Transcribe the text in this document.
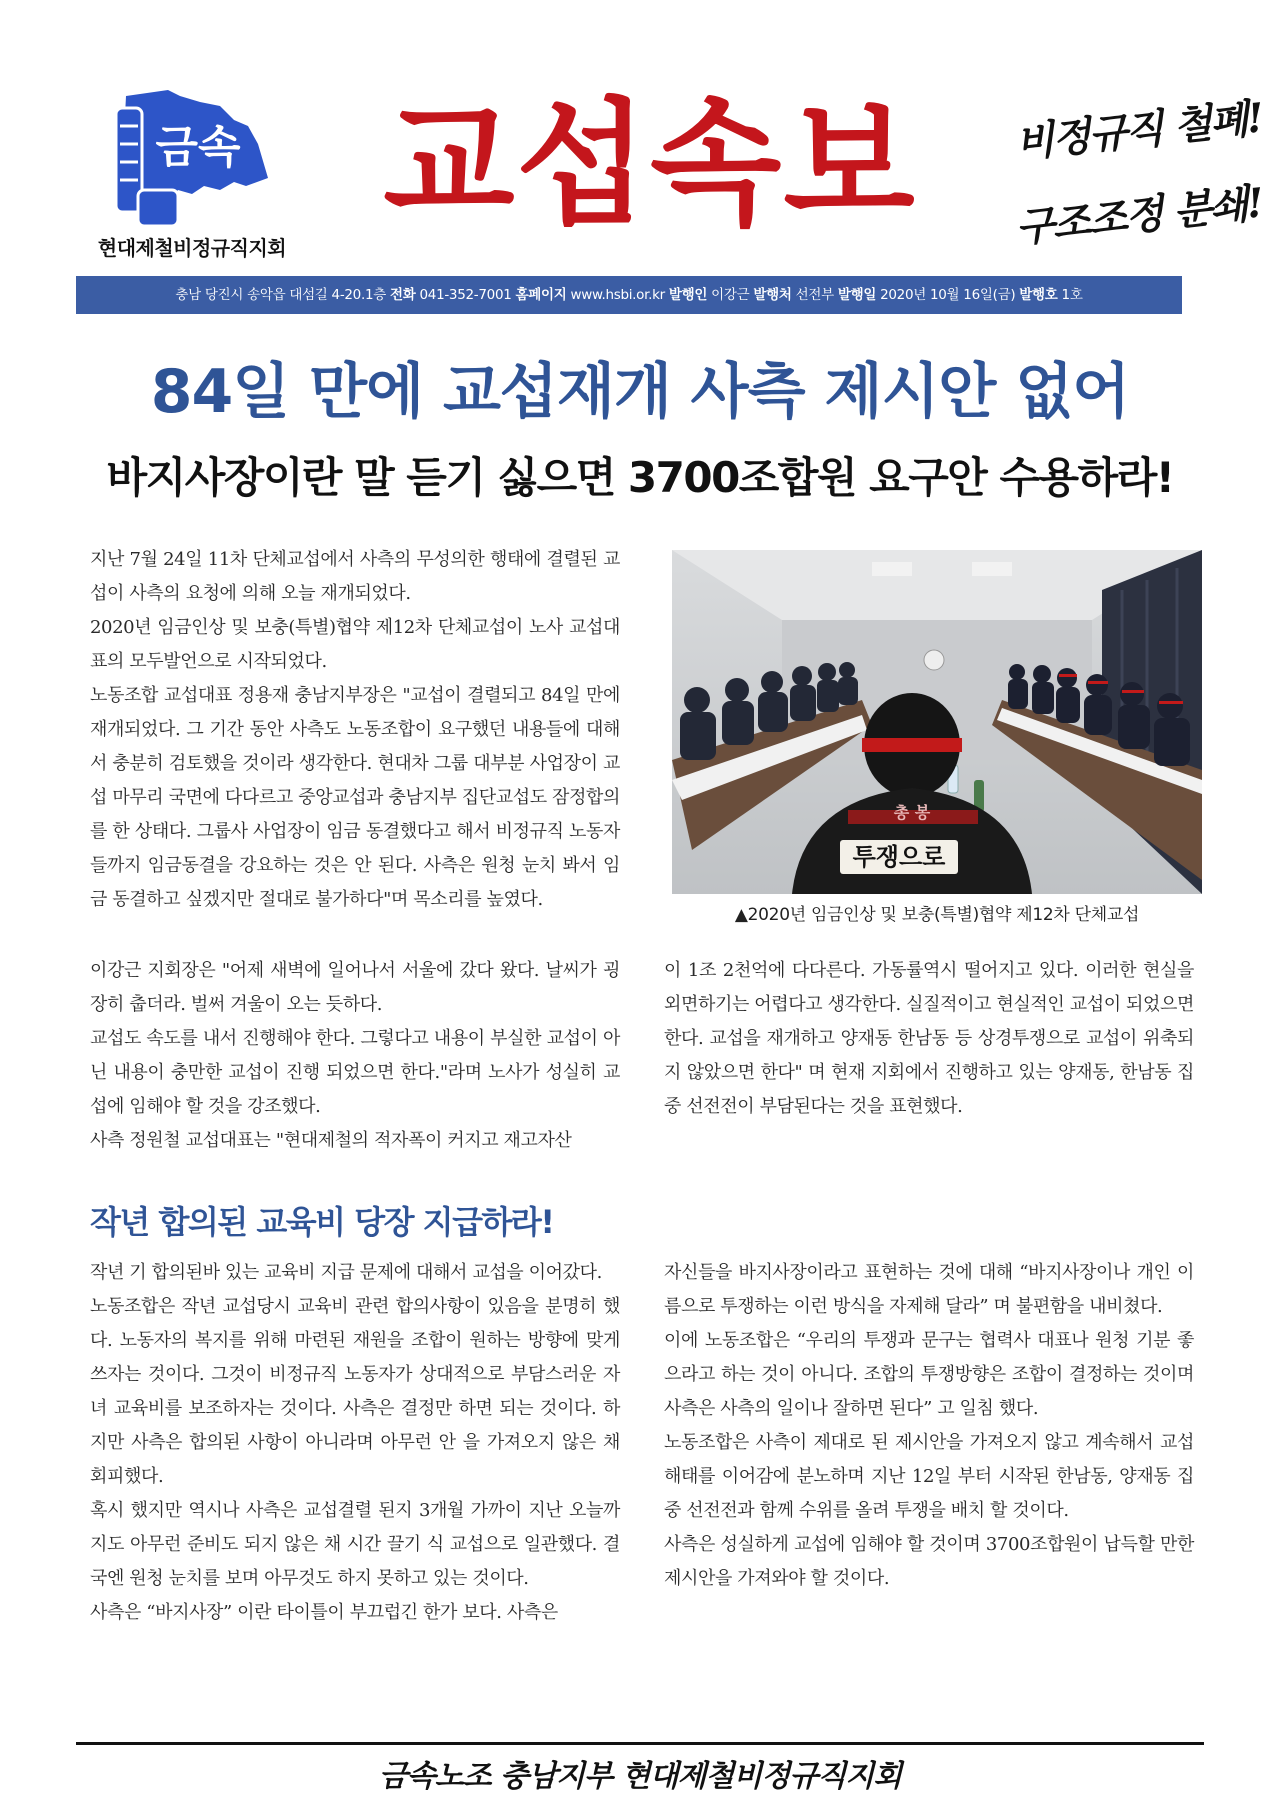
금속
현대제철비정규직지회
교섭속보	비정규직 철폐!
구조조정 분쇄!
충남 당진시 송악읍 대섬길 4-20.1층 전화 041-352-7001 홈페이지 www.hsbi.or.kr 발행인 이강근 발행처 선전부 발행일 2020년 10월 16일(금) 발행호 1호
84일 만에 교섭재개 사측 제시안 없어
바지사장이란 말 듣기 싫으면 3700조합원 요구안 수용하라!

지난 7월 24일 11차 단체교섭에서 사측의 무성의한 행태에 결렬된 교섭이 사측의 요청에 의해 오늘 재개되었다.

2020년 임금인상 및 보충(특별)협약 제12차 단체교섭이 노사 교섭대표의 모두발언으로 시작되었다.

노동조합 교섭대표 정용재 충남지부장은 "교섭이 결렬되고 84일 만에 재개되었다. 그 기간 동안 사측도 노동조합이 요구했던 내용들에 대해서 충분히 검토했을 것이라 생각한다. 현대차 그룹 대부분 사업장이 교섭 마무리 국면에 다다르고 중앙교섭과 충남지부 집단교섭도 잠정합의를 한 상태다. 그룹사 사업장이 임금 동결했다고 해서 비정규직 노동자들까지 임금동결을 강요하는 것은 안 된다. 사측은 원청 눈치 봐서 임금 동결하고 싶겠지만 절대로 불가하다"며 목소리를 높였다.

총 봉
투쟁으로
▲2020년 임금인상 및 보충(특별)협약 제12차 단체교섭

이강근 지회장은 "어제 새벽에 일어나서 서울에 갔다 왔다. 날씨가 굉장히 춥더라. 벌써 겨울이 오는 듯하다.

교섭도 속도를 내서 진행해야 한다. 그렇다고 내용이 부실한 교섭이 아닌 내용이 충만한 교섭이 진행 되었으면 한다."라며 노사가 성실히 교섭에 임해야 할 것을 강조했다.

사측 정원철 교섭대표는 "현대제철의 적자폭이 커지고 재고자산

이 1조 2천억에 다다른다. 가동률역시 떨어지고 있다. 이러한 현실을 외면하기는 어렵다고 생각한다. 실질적이고 현실적인 교섭이 되었으면 한다. 교섭을 재개하고 양재동 한남동 등 상경투쟁으로 교섭이 위축되지 않았으면 한다" 며 현재 지회에서 진행하고 있는 양재동, 한남동 집중 선전전이 부담된다는 것을 표현했다.

작년 합의된 교육비 당장 지급하라!

작년 기 합의된바 있는 교육비 지급 문제에 대해서 교섭을 이어갔다.

노동조합은 작년 교섭당시 교육비 관련 합의사항이 있음을 분명히 했다. 노동자의 복지를 위해 마련된 재원을 조합이 원하는 방향에 맞게 쓰자는 것이다. 그것이 비정규직 노동자가 상대적으로 부담스러운 자녀 교육비를 보조하자는 것이다. 사측은 결정만 하면 되는 것이다. 하지만 사측은 합의된 사항이 아니라며 아무런 안 을 가져오지 않은 채 회피했다.

혹시 했지만 역시나 사측은 교섭결렬 된지 3개월 가까이 지난 오늘까지도 아무런 준비도 되지 않은 채 시간 끌기 식 교섭으로 일관했다. 결국엔 원청 눈치를 보며 아무것도 하지 못하고 있는 것이다.

사측은 “바지사장” 이란 타이틀이 부끄럽긴 한가 보다. 사측은

자신들을 바지사장이라고 표현하는 것에 대해 “바지사장이나 개인 이름으로 투쟁하는 이런 방식을 자제해 달라” 며 불편함을 내비쳤다.

이에 노동조합은 “우리의 투쟁과 문구는 협력사 대표나 원청 기분 좋으라고 하는 것이 아니다. 조합의 투쟁방향은 조합이 결정하는 것이며 사측은 사측의 일이나 잘하면 된다” 고 일침 했다.

노동조합은 사측이 제대로 된 제시안을 가져오지 않고 계속해서 교섭해태를 이어감에 분노하며 지난 12일 부터 시작된 한남동, 양재동 집중 선전전과 함께 수위를 올려 투쟁을 배치 할 것이다.

사측은 성실하게 교섭에 임해야 할 것이며 3700조합원이 납득할 만한 제시안을 가져와야 할 것이다.

금속노조 충남지부 현대제철비정규직지회
